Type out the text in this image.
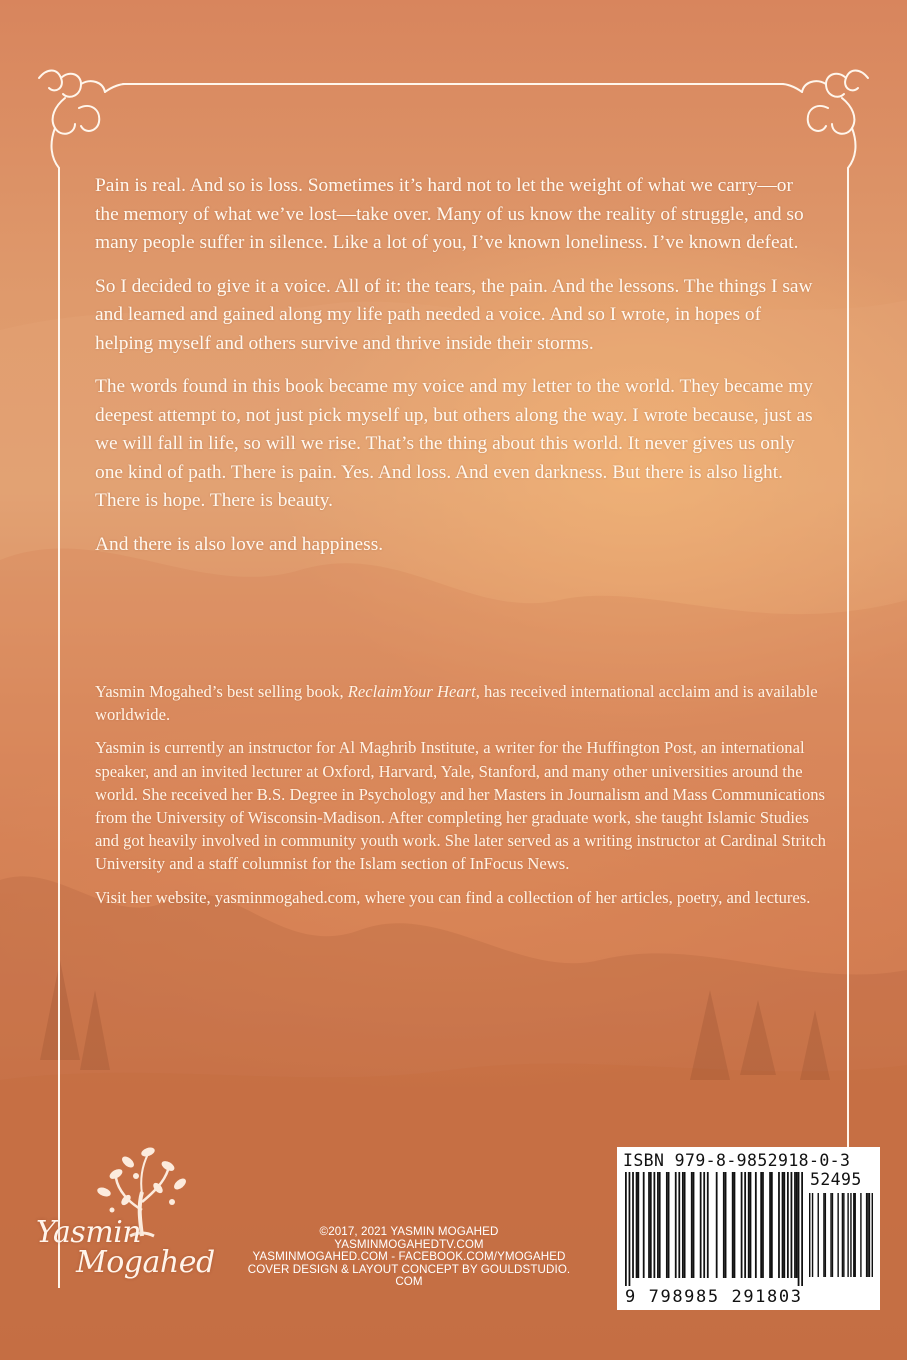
Pain is real. And so is loss. Sometimes it’s hard not to let the weight of what we carry—or the memory of what we’ve lost—take over. Many of us know the reality of struggle, and so many people suffer in silence. Like a lot of you, I’ve known loneliness. I’ve known defeat.

So I decided to give it a voice. All of it: the tears, the pain. And the lessons. The things I saw and learned and gained along my life path needed a voice. And so I wrote, in hopes of helping myself and others survive and thrive inside their storms.

The words found in this book became my voice and my letter to the world. They became my deepest attempt to, not just pick myself up, but others along the way. I wrote because, just as we will fall in life, so will we rise. That’s the thing about this world. It never gives us only one kind of path. There is pain. Yes. And loss. And even darkness. But there is also light. There is hope. There is beauty.

And there is also love and happiness.

Yasmin Mogahed’s best selling book, ReclaimYour Heart, has received international acclaim and is available worldwide.

Yasmin is currently an instructor for Al Maghrib Institute, a writer for the Huffington Post, an international speaker, and an invited lecturer at Oxford, Harvard, Yale, Stanford, and many other universities around the world. She received her B.S. Degree in Psychology and her Masters in Journalism and Mass Communications from the University of Wisconsin-Madison. After completing her graduate work, she taught Islamic Studies and got heavily involved in community youth work. She later served as a writing instructor at Cardinal Stritch University and a staff columnist for the Islam section of InFocus News.

Visit her website, yasminmogahed.com, where you can find a collection of her articles, poetry, and lectures.

Yasmin
Mogahed
©2017, 2021 YASMIN MOGAHED
YASMINMOGAHEDTV.COM
YASMINMOGAHED.COM - FACEBOOK.COM/YMOGAHED
COVER DESIGN & LAYOUT CONCEPT BY GOULDSTUDIO.
COM
ISBN 979-8-9852918-0-3
52495
9 798985 291803
